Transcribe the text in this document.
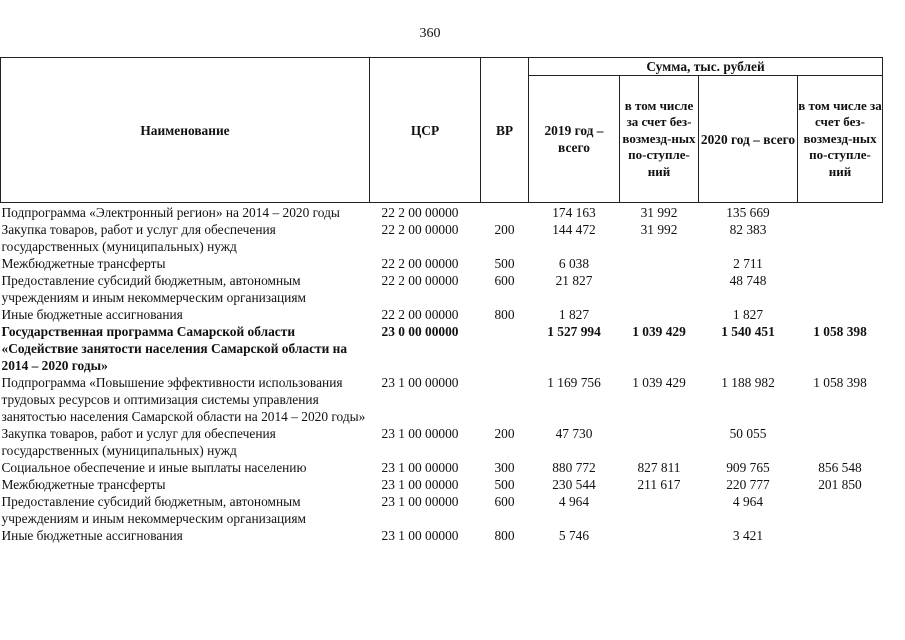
360
Наименование	ЦСР	ВР	Сумма, тыс. рублей			
			2019 год – всего	в том числе за счет без-возмезд-ных по-ступле-ний	2020 год – всего	в том числе за счет без-возмезд-ных по-ступле-ний
Подпрограмма «Электронный регион» на 2014 – 2020 годы	22 2 00 00000		174 163	31 992	135 669	
Закупка товаров, работ и услуг для обеспечения государственных (муниципальных) нужд	22 2 00 00000	200	144 472	31 992	82 383	
Межбюджетные трансферты	22 2 00 00000	500	6 038		2 711	
Предоставление субсидий бюджетным, автономным учреждениям и иным некоммерческим организациям	22 2 00 00000	600	21 827		48 748	
Иные бюджетные ассигнования	22 2 00 00000	800	1 827		1 827	
Государственная программа Самарской области «Содействие занятости населения Самарской области на 2014 – 2020 годы»	23 0 00 00000		1 527 994	1 039 429	1 540 451	1 058 398
Подпрограмма «Повышение эффективности использования трудовых ресурсов и оптимизация системы управления занятостью населения Самарской области на 2014 – 2020 годы»	23 1 00 00000		1 169 756	1 039 429	1 188 982	1 058 398
Закупка товаров, работ и услуг для обеспечения государственных (муниципальных) нужд	23 1 00 00000	200	47 730		50 055	
Социальное обеспечение и иные выплаты населению	23 1 00 00000	300	880 772	827 811	909 765	856 548
Межбюджетные трансферты	23 1 00 00000	500	230 544	211 617	220 777	201 850
Предоставление субсидий бюджетным, автономным учреждениям и иным некоммерческим организациям	23 1 00 00000	600	4 964		4 964	
Иные бюджетные ассигнования	23 1 00 00000	800	5 746		3 421	
